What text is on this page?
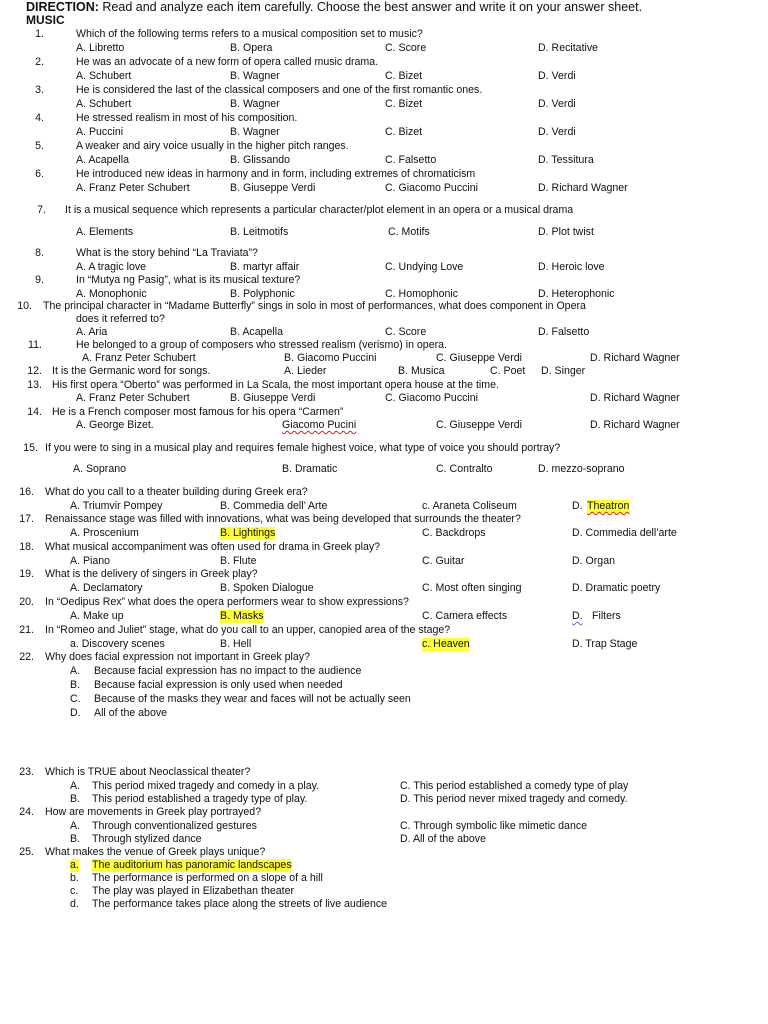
DIRECTION: Read and analyze each item carefully. Choose the best answer and write it on your answer sheet.
MUSIC
1.	Which of the following terms refers to a musical composition set to music?
A. Libretto	B. Opera	C. Score	D. Recitative
2.	He was an advocate of a new form of opera called music drama.
A. Schubert	B. Wagner	C. Bizet	D. Verdi
3.	He is considered the last of the classical composers and one of the first romantic ones.
A. Schubert	B. Wagner	C. Bizet	D. Verdi
4.	He stressed realism in most of his composition.
A. Puccini	B. Wagner	C. Bizet	D. Verdi
5.	A weaker and airy voice usually in the higher pitch ranges.
A. Acapella	B. Glissando	C. Falsetto	D. Tessitura
6.	He introduced new ideas in harmony and in form, including extremes of chromaticism
A. Franz Peter Schubert	B. Giuseppe Verdi	C. Giacomo Puccini	D. Richard Wagner
7. It is a musical sequence which represents a particular character/plot element in an opera or a musical drama
A. Elements	B. Leitmotifs	C. Motifs	D. Plot twist
8.	What is the story behind “La Traviata”?
A. A tragic love	B. martyr affair	C. Undying Love	D. Heroic love
9.	In “Mutya ng Pasig”, what is its musical texture?
A. Monophonic	B. Polyphonic	C. Homophonic	D. Heterophonic
10. The principal character in “Madame Butterfly” sings in solo in most of performances, what does component in Opera
does it referred to?
A. Aria	B. Acapella	C. Score	D. Falsetto
11.	He belonged to a group of composers who stressed realism (verismo) in opera.
A. Franz Peter Schubert	B. Giacomo Puccini	C. Giuseppe Verdi	D. Richard Wagner
12. It is the Germanic word for songs.	A. Lieder	B. Musica	C. Poet D. Singer
13. His first opera “Oberto” was performed in La Scala, the most important opera house at the time.
A. Franz Peter Schubert	B. Giuseppe Verdi	C. Giacomo Puccini	D. Richard Wagner
14. He is a French composer most famous for his opera “Carmen”
A. George Bizet.	Giacomo Pucini	C. Giuseppe Verdi	D. Richard Wagner
15. If you were to sing in a musical play and requires female highest voice, what type of voice you should portray?
A. Soprano	B. Dramatic	C. Contralto	D. mezzo-soprano
16. What do you call to a theater building during Greek era?
A. Triumvir Pompey	B. Commedia dell’ Arte	c. Araneta Coliseum	D. Theatron
17. Renaissance stage was filled with innovations, what was being developed that surrounds the theater?
A. Proscenium	B. Lightings	C. Backdrops	D. Commedia dell’arte
18. What musical accompaniment was often used for drama in Greek play?
A. Piano	B. Flute	C. Guitar	D. Organ
19. What is the delivery of singers in Greek play?
A. Declamatory	B. Spoken Dialogue	C. Most often singing	D. Dramatic poetry
20. In “Oedipus Rex” what does the opera performers wear to show expressions?
A. Make up	B. Masks	C. Camera effects	D. Filters
21. In “Romeo and Juliet” stage, what do you call to an upper, canopied area of the stage?
a. Discovery scenes	B. Hell	c. Heaven	D. Trap Stage
22. Why does facial expression not important in Greek play?
A. Because facial expression has no impact to the audience
B. Because facial expression is only used when needed
C. Because of the masks they wear and faces will not be actually seen
D. All of the above
23. Which is TRUE about Neoclassical theater?
A. This period mixed tragedy and comedy in a play.	C. This period established a comedy type of play
B. This period established a tragedy type of play.	D. This period never mixed tragedy and comedy.
24. How are movements in Greek play portrayed?
A. Through conventionalized gestures	C. Through symbolic like mimetic dance
B. Through stylized dance	D. All of the above
25. What makes the venue of Greek plays unique?
a. The auditorium has panoramic landscapes
b. The performance is performed on a slope of a hill
c. The play was played in Elizabethan theater
d. The performance takes place along the streets of live audience
